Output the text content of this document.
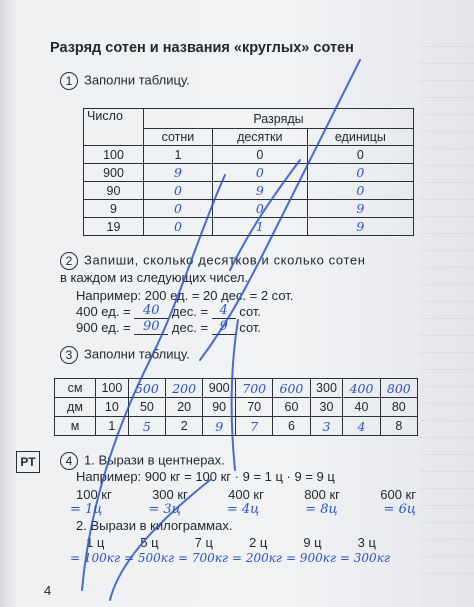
Разряд сотен и названия «круглых» сотен
1 Заполни таблицу.
Число	Разряды		
	сотни	десятки	единицы
100	1	0	0
900	9	0	0
90	0	9	0
9	0	0	9
19	0	1	9
2 Запиши, сколько десятков и сколько сотен
в каждом из следующих чисел.
Например: 200 ед. = 20 дес. = 2 сот.
400 ед. = 40 дес. = 4 сот.
900 ед. = 90 дес. = 9 сот.
3 Заполни таблицу.
см	100	500	200	900	700	600	300	400	800
дм	10	50	20	90	70	60	30	40	80
м	1	5	2	9	7	6	3	4	8
РТ	4 1. Вырази в центнерах.
Например: 900 кг = 100 кг · 9 = 1 ц · 9 = 9 ц
100 кг	300 кг	400 кг	800 кг	600 кг
= 1ц	= 3ц	= 4ц	= 8ц	= 6ц
2. Вырази в килограммах.
1 ц	5 ц	7 ц	2 ц	9 ц	3 ц
= 100кг = 500кг = 700кг = 200кг = 900кг = 300кг
4
